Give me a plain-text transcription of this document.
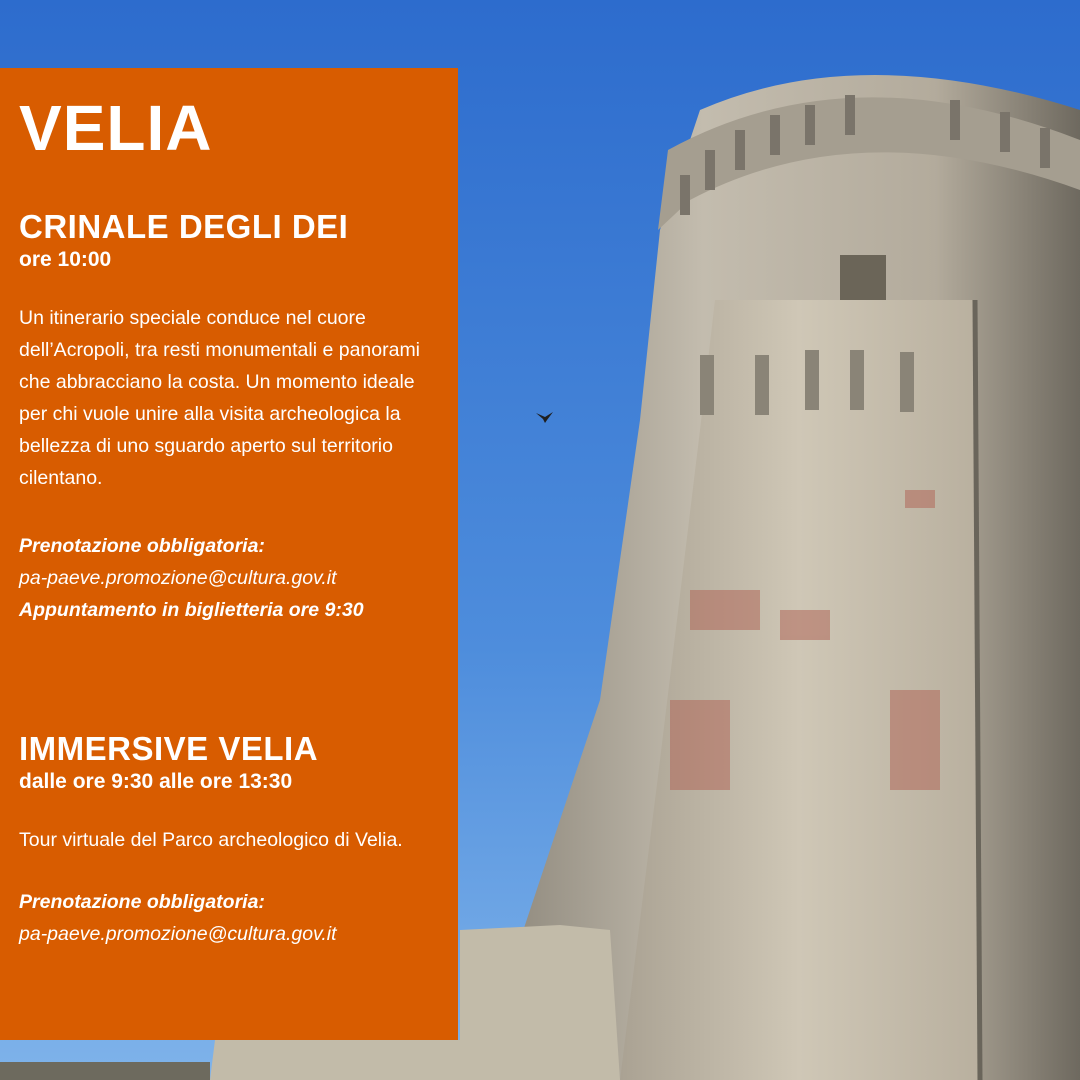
VELIA
CRINALE DEGLI DEI

ore 10:00

Un itinerario speciale conduce nel cuore dell’Acropoli, tra resti monumentali e panorami che abbracciano la costa. Un momento ideale per chi vuole unire alla visita archeologica la bellezza di uno sguardo aperto sul territorio cilentano.

Prenotazione obbligatoria:

pa-paeve.promozione@cultura.gov.it

Appuntamento in biglietteria ore 9:30

IMMERSIVE VELIA

dalle ore 9:30 alle ore 13:30

Tour virtuale del Parco archeologico di Velia.

Prenotazione obbligatoria:

pa-paeve.promozione@cultura.gov.it
